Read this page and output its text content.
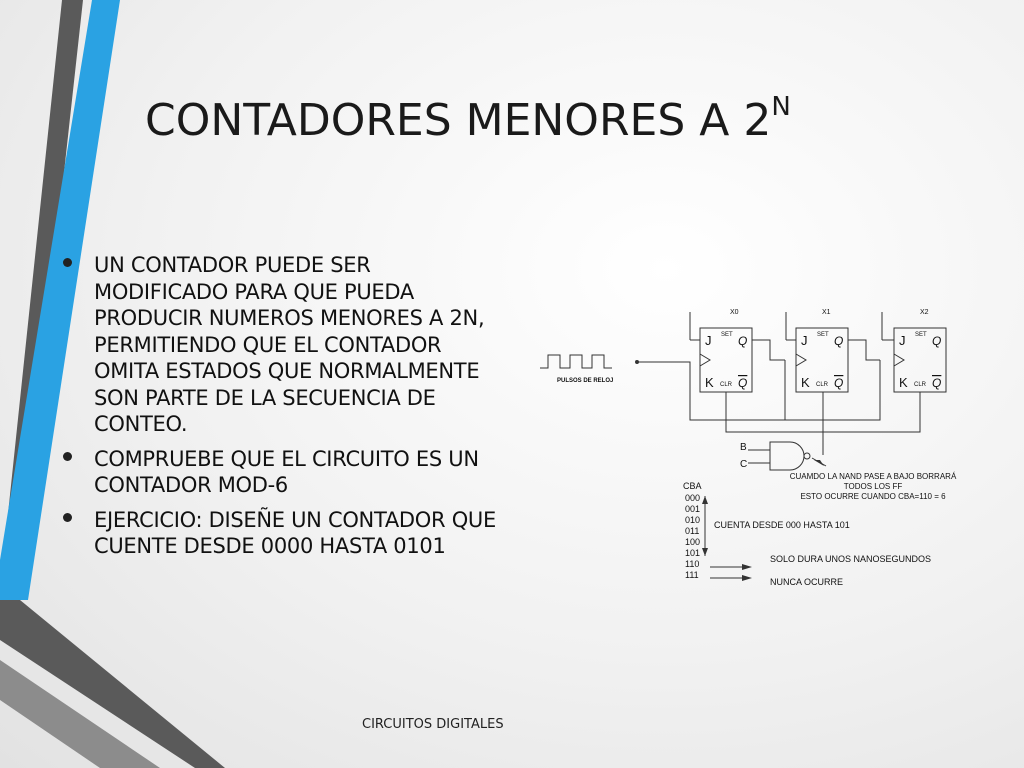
CONTADORES MENORES A $2^N$
UN CONTADOR PUEDE SER MODIFICADO PARA QUE PUEDA PRODUCIR NUMEROS MENORES A 2N, PERMITIENDO QUE EL CONTADOR OMITA ESTADOS QUE NORMALMENTE SON PARTE DE LA SECUENCIA DE CONTEO.
COMPRUEBE QUE EL CIRCUITO ES UN CONTADOR MOD-6
EJERCICIO: DISEÑE UN CONTADOR QUE CUENTE DESDE 0000 HASTA 0101
X0	X1	X2
SET	SET	SET
J	J	J
Q	Q	Q
K	K	K
CLR	CLR	CLR
Q	Q	Q
PULSOS DE RELOJ
B
C
CUAMDO LA NAND PASE A BAJO BORRARÁ
TODOS LOS FF
ESTO OCURRE CUANDO CBA=110 = 6
CBA
000
001
010
011
100
101
110
111
CUENTA DESDE 000 HASTA 101
SOLO DURA UNOS NANOSEGUNDOS
NUNCA OCURRE
CIRCUITOS DIGITALES
